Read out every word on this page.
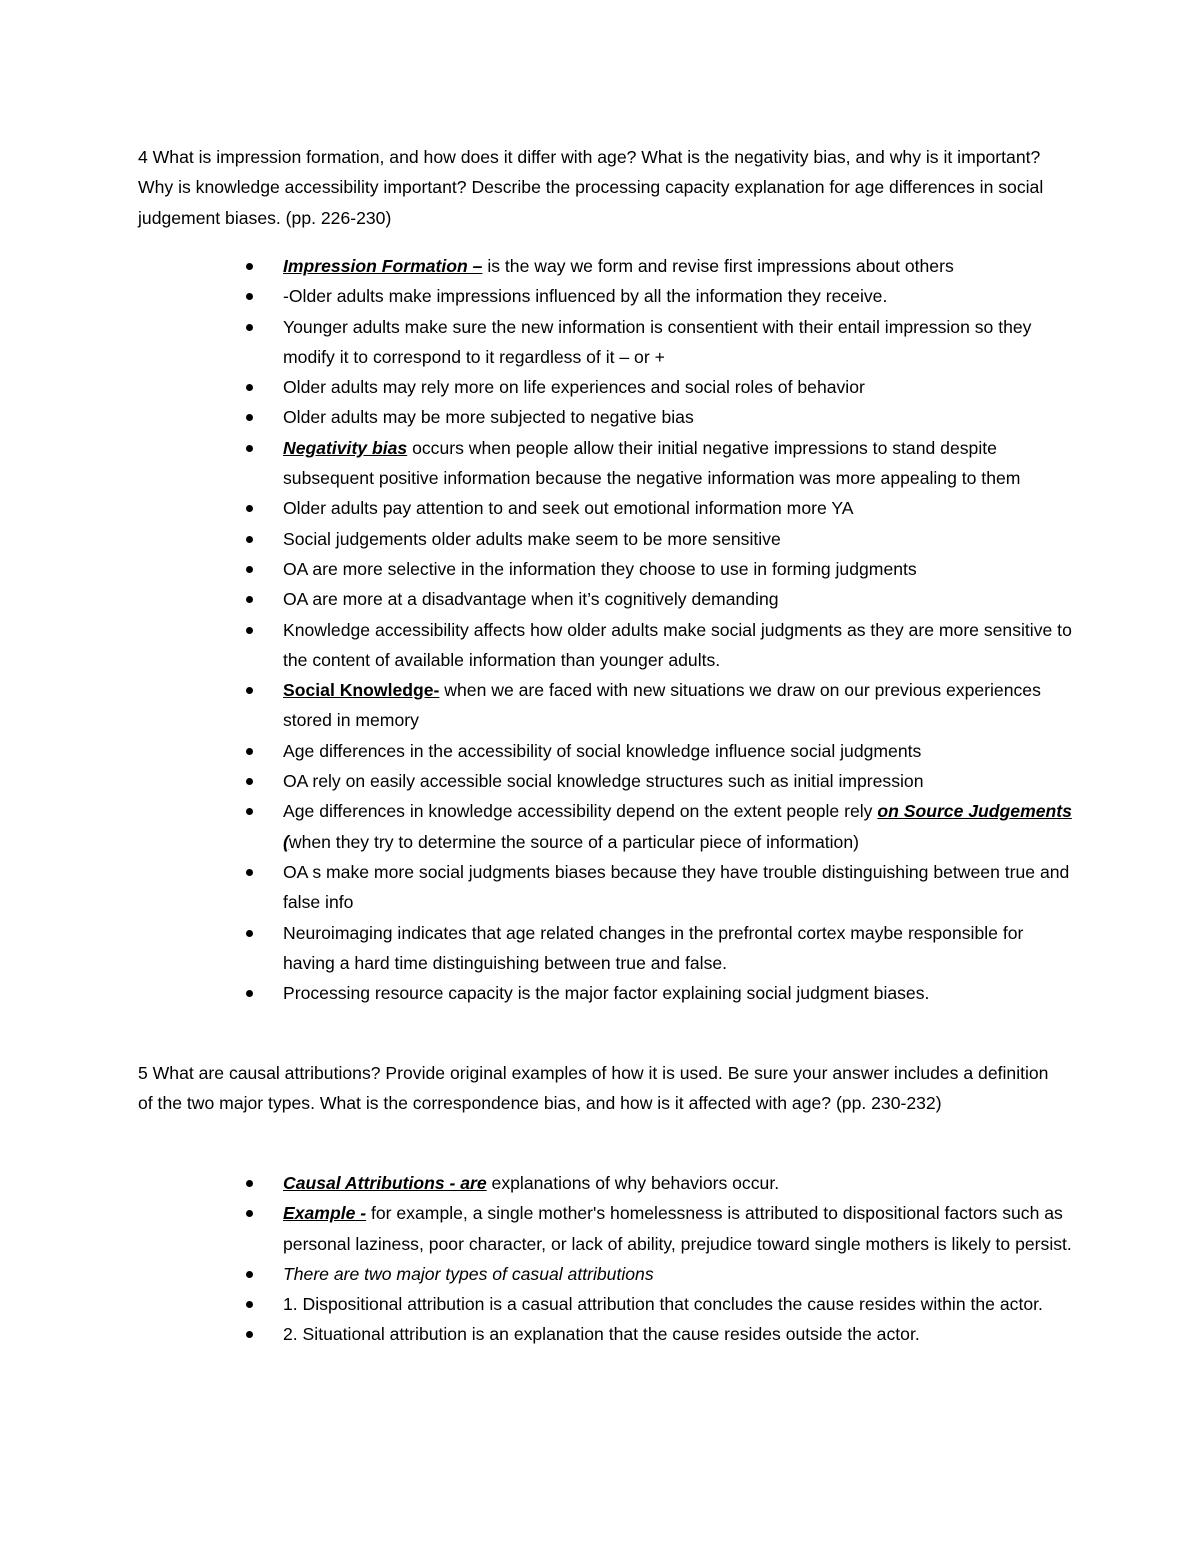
4 What is impression formation, and how does it differ with age? What is the negativity bias, and why is it important? Why is knowledge accessibility important? Describe the processing capacity explanation for age differences in social judgement biases. (pp. 226-230)

Impression Formation – is the way we form and revise first impressions about others
-Older adults make impressions influenced by all the information they receive.
Younger adults make sure the new information is consentient with their entail impression so they modify it to correspond to it regardless of it – or +
Older adults may rely more on life experiences and social roles of behavior
Older adults may be more subjected to negative bias
Negativity bias occurs when people allow their initial negative impressions to stand despite subsequent positive information because the negative information was more appealing to them
Older adults pay attention to and seek out emotional information more YA
Social judgements older adults make seem to be more sensitive
OA are more selective in the information they choose to use in forming judgments
OA are more at a disadvantage when it’s cognitively demanding
Knowledge accessibility affects how older adults make social judgments as they are more sensitive to the content of available information than younger adults.
Social Knowledge- when we are faced with new situations we draw on our previous experiences stored in memory
Age differences in the accessibility of social knowledge influence social judgments
OA rely on easily accessible social knowledge structures such as initial impression
Age differences in knowledge accessibility depend on the extent people rely on Source Judgements (when they try to determine the source of a particular piece of information)
OA s make more social judgments biases because they have trouble distinguishing between true and false info
Neuroimaging indicates that age related changes in the prefrontal cortex maybe responsible for having a hard time distinguishing between true and false.
Processing resource capacity is the major factor explaining social judgment biases.

5 What are causal attributions? Provide original examples of how it is used. Be sure your answer includes a definition of the two major types. What is the correspondence bias, and how is it affected with age? (pp. 230-232)

Causal Attributions - are explanations of why behaviors occur.
Example - for example, a single mother's homelessness is attributed to dispositional factors such as personal laziness, poor character, or lack of ability, prejudice toward single mothers is likely to persist.
There are two major types of casual attributions
1. Dispositional attribution is a casual attribution that concludes the cause resides within the actor.
2. Situational attribution is an explanation that the cause resides outside the actor.
